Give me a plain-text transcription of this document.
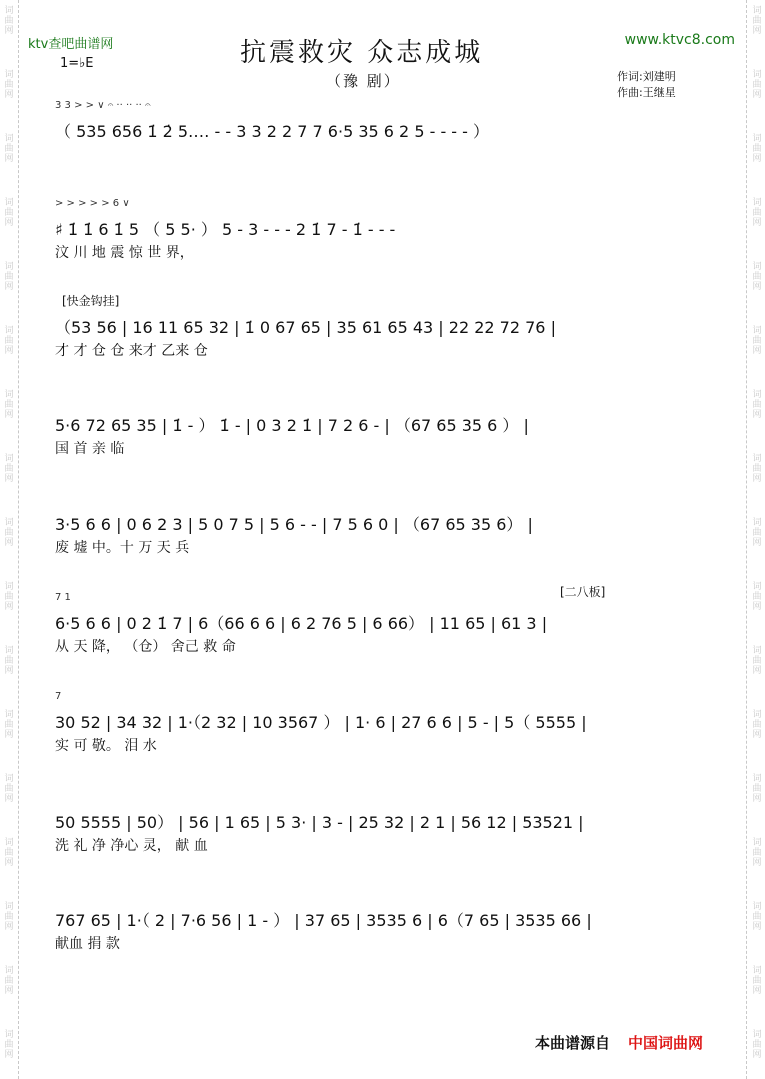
词
曲
网
词
曲
网
词
曲
网
词
曲
网
词
曲
网
词
曲
网
词
曲
网
词
曲
网
词
曲
网
词
曲
网
词
曲
网
词
曲
网
词
曲
网
词
曲
网
词
曲
网
词
曲
网
词
曲
网
词
曲
网
词
曲
网
词
曲
网
词
曲
网
词
曲
网
词
曲
网
词
曲
网
词
曲
网
词
曲
网
词
曲
网
词
曲
网
词
曲
网
词
曲
网
词
曲
网
词
曲
网
词
曲
网
词
曲
网
ktv查吧曲谱网	www.ktvc8.com
1=♭E	抗震救灾 众志成城
（豫 剧）	作词:刘建明
作曲:王继星
3 3 > > ∨ 𝄐 ·· ·· ·· 𝄐
（ 535 656 1̇ 2̇ 5‥‥ - - 3 3 2 2 7 7 6·5 35 6 2 5 - - - - ）
> > > > > 6 ∨
♯ 1̇ 1̇ 6 1̇ 5 （ 5 5· ） 5 - 3 - - - 2 1̇ 7 - 1̇ - - -
汶 川 地 震 惊 世 界，
[快金钩挂]
（53 56 | 16 11 65 32 | 1̇ 0 67 65 | 35 61 65 43 | 22 22 72 76 |
才 才 仓 仓 来才 乙来 仓
5·6 72 65 35 | 1̇ - ） 1̇ - | 0 3 2 1̇ | 7 2 6 - | （67 65 35 6 ） |
国 首 亲 临
3·5 6 6 | 0 6 2 3 | 5 0 7 5 | 5 6 - - | 7 5 6 0 | （67 65 35 6） |
废 墟 中。十 万 天 兵
[二八板]
7 1
6·5 6 6 | 0 2 1̇ 7 | 6（66 6 6 | 6 2 76 5 | 6 66） | 11 65 | 61 3 |
从 天 降， （仓） 舍己 救 命
7
30 52 | 34 32 | 1·（2 32 | 10 3567 ） | 1· 6 | 27 6 6 | 5 - | 5（ 5555 |
实 可 敬。 泪 水
50 5555 | 50） | 56 | 1 65 | 5 3· | 3 - | 25 32 | 2 1 | 56 12 | 53521 |
洗 礼 净 净心 灵， 献 血
767 65 | 1·（ 2 | 7·6 56 | 1 - ） | 37 65 | 3535 6 | 6（7 65 | 3535 66 |
献血 捐 款
本曲谱源自 中国词曲网
